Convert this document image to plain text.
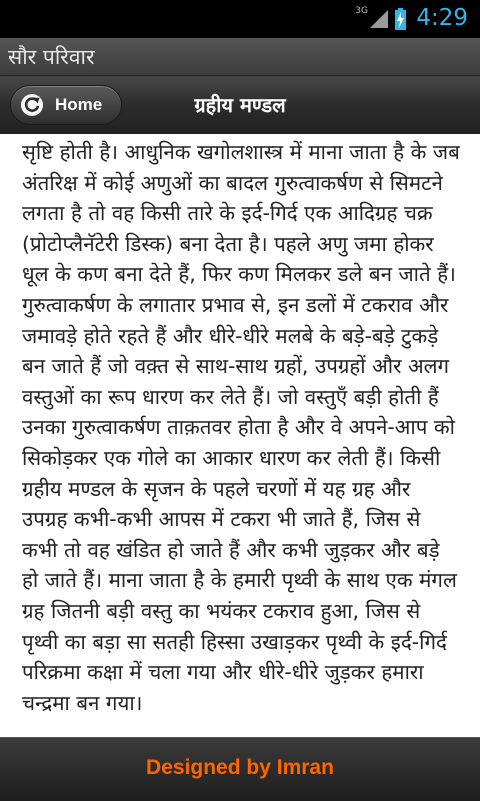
3G 4:29
सौर परिवार
Home	ग्रहीय मण्डल

सृष्टि होती है। आधुनिक खगोलशास्त्र में माना जाता है के जब अंतरिक्ष में कोई अणुओं का बादल गुरुत्वाकर्षण से सिमटने लगता है तो वह किसी तारे के इर्द-गिर्द एक आदिग्रह चक्र (प्रोटोप्लैनॅटेरी डिस्क) बना देता है। पहले अणु जमा होकर धूल के कण बना देते हैं, फिर कण मिलकर डले बन जाते हैं। गुरुत्वाकर्षण के लगातार प्रभाव से, इन डलों में टकराव और जमावड़े होते रहते हैं और धीरे-धीरे मलबे के बड़े-बड़े टुकड़े बन जाते हैं जो वक़्त से साथ-साथ ग्रहों, उपग्रहों और अलग वस्तुओं का रूप धारण कर लेते हैं। जो वस्तुएँ बड़ी होती हैं उनका गुरुत्वाकर्षण ताक़तवर होता है और वे अपने-आप को सिकोड़कर एक गोले का आकार धारण कर लेती हैं। किसी ग्रहीय मण्डल के सृजन के पहले चरणों में यह ग्रह और उपग्रह कभी-कभी आपस में टकरा भी जाते हैं, जिस से कभी तो वह खंडित हो जाते हैं और कभी जुड़कर और बड़े हो जाते हैं। माना जाता है के हमारी पृथ्वी के साथ एक मंगल ग्रह जितनी बड़ी वस्तु का भयंकर टकराव हुआ, जिस से पृथ्वी का बड़ा सा सतही हिस्सा उखाड़कर पृथ्वी के इर्द-गिर्द परिक्रमा कक्षा में चला गया और धीरे-धीरे जुड़कर हमारा चन्द्रमा बन गया।

Designed by Imran
